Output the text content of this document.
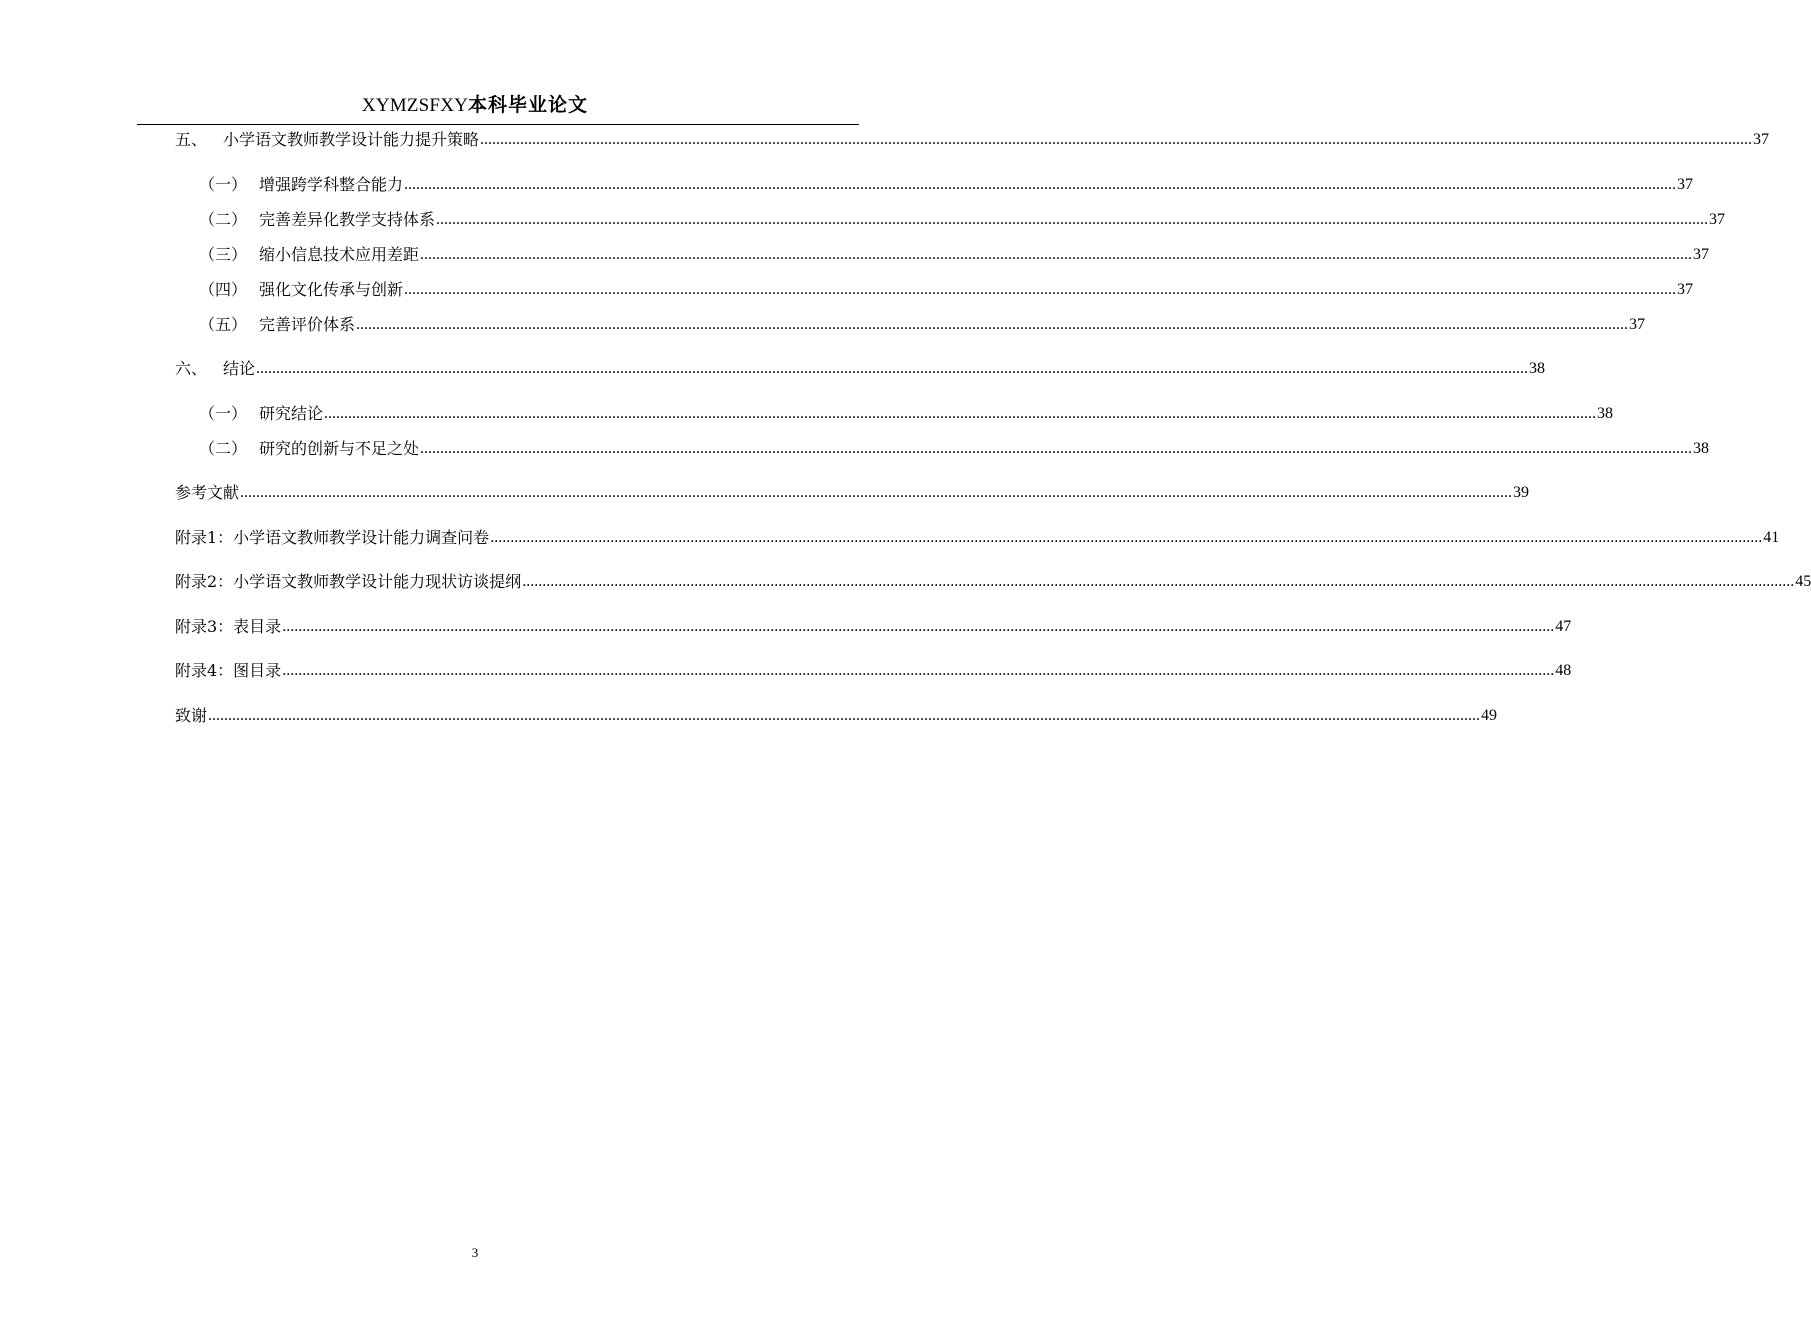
XYMZSFXY本科毕业论文
五、 小学语文教师教学设计能力提升策略 .....	37
（一） 增强跨学科整合能力 .....	37
（二） 完善差异化教学支持体系 .....	37
（三） 缩小信息技术应用差距 .....	37
（四） 强化文化传承与创新 .....	37
（五） 完善评价体系 .....	37
六、 结论 .....	38
（一） 研究结论 .....	38
（二） 研究的创新与不足之处 .....	38
参考文献 .....	39
附录1：小学语文教师教学设计能力调查问卷 .....	41
附录2：小学语文教师教学设计能力现状访谈提纲 .....	45
附录3：表目录 .....	47
附录4：图目录 .....	48
致谢 .....	49
3
